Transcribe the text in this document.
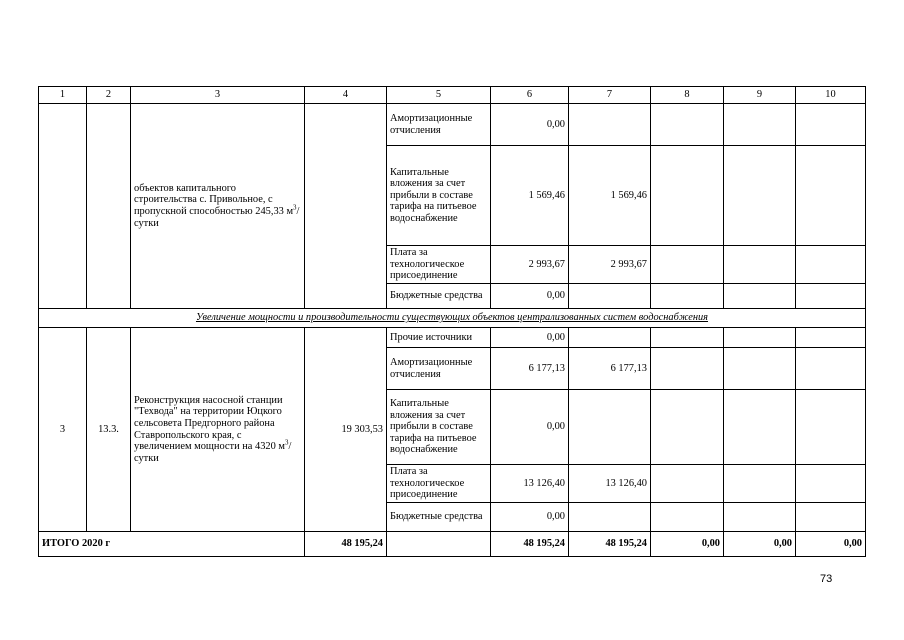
1	2	3	4	5	6	7	8	9	10
		объектов капитального строительства с. Привольное, с пропускной способностью 245,33 $м^3$/сутки		Амортизационные отчисления	0,00				
				Капитальные вложения за счет прибыли в составе тарифа на питьевое водоснабжение	1 569,46	1 569,46			
				Плата за технологическое присоединение	2 993,67	2 993,67			
				Бюджетные средства	0,00				
Увеличение мощности и производительности существующих объектов централизованных систем водоснабжения									
3	13.3.	Реконструкция насосной станции "Техвода" на территории Юцкого сельсовета Предгорного района Ставропольского края, с увеличением мощности на 4320 $м^3$/сутки	19 303,53	Прочие источники	0,00				
				Амортизационные отчисления	6 177,13	6 177,13			
				Капитальные вложения за счет прибыли в составе тарифа на питьевое водоснабжение	0,00				
				Плата за технологическое присоединение	13 126,40	13 126,40			
				Бюджетные средства	0,00				
ИТОГО 2020 г			48 195,24		48 195,24	48 195,24	0,00	0,00	0,00
73
